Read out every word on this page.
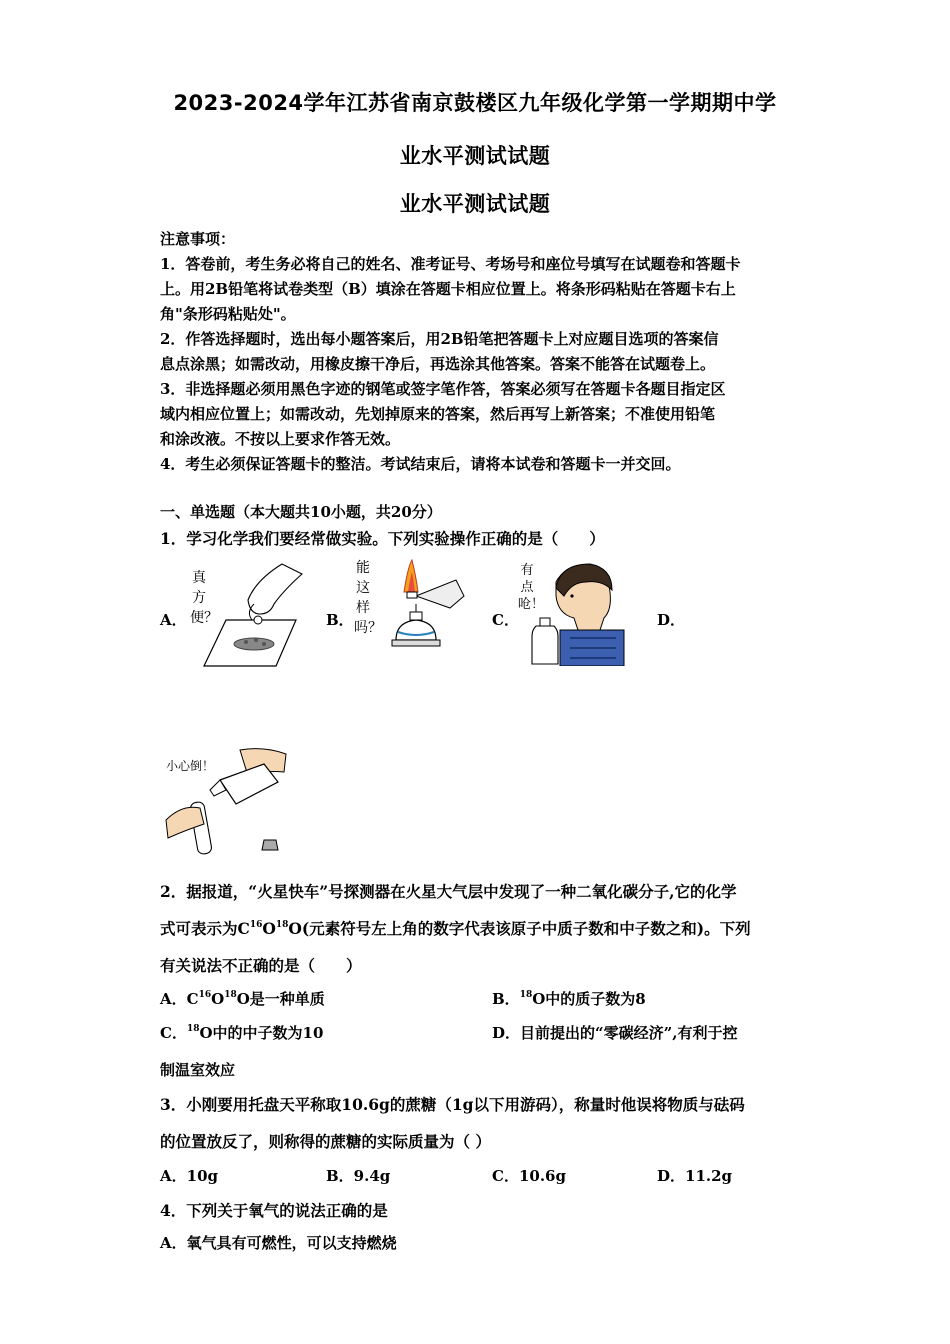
2023-2024学年江苏省南京鼓楼区九年级化学第一学期期中学
业水平测试试题
业水平测试试题
注意事项：
1．答卷前，考生务必将自己的姓名、准考证号、考场号和座位号填写在试题卷和答题卡
上。用2B铅笔将试卷类型（B）填涂在答题卡相应位置上。将条形码粘贴在答题卡右上
角"条形码粘贴处"。
2．作答选择题时，选出每小题答案后，用2B铅笔把答题卡上对应题目选项的答案信
息点涂黑；如需改动，用橡皮擦干净后，再选涂其他答案。答案不能答在试题卷上。
3．非选择题必须用黑色字迹的钢笔或签字笔作答，答案必须写在答题卡各题目指定区
域内相应位置上；如需改动，先划掉原来的答案，然后再写上新答案；不准使用铅笔
和涂改液。不按以上要求作答无效。
4．考生必须保证答题卡的整洁。考试结束后，请将本试卷和答题卡一并交回。
一、单选题（本大题共10小题，共20分）
1．学习化学我们要经常做实验。下列实验操作正确的是（　　）
A．	B．	C．	D．
真方便？
能这样吗？
有点呛！
小心倒！
2．据报道，“火星快车”号探测器在火星大气层中发现了一种二氧化碳分子,它的化学
式可表示为$C^{16}O^{18}O$(元素符号左上角的数字代表该原子中质子数和中子数之和)。下列
有关说法不正确的是（　　）
A．$C^{16}O^{18}O$是一种单质	B．$^{18}$O中的质子数为8
C．$^{18}$O中的中子数为10	D．目前提出的“零碳经济”,有利于控
制温室效应
3．小刚要用托盘天平称取10.6g的蔗糖（1g以下用游码），称量时他误将物质与砝码
的位置放反了，则称得的蔗糖的实际质量为（ ）
A．10g	B．9.4g	C．10.6g	D．11.2g
4．下列关于氧气的说法正确的是
A．氧气具有可燃性，可以支持燃烧
